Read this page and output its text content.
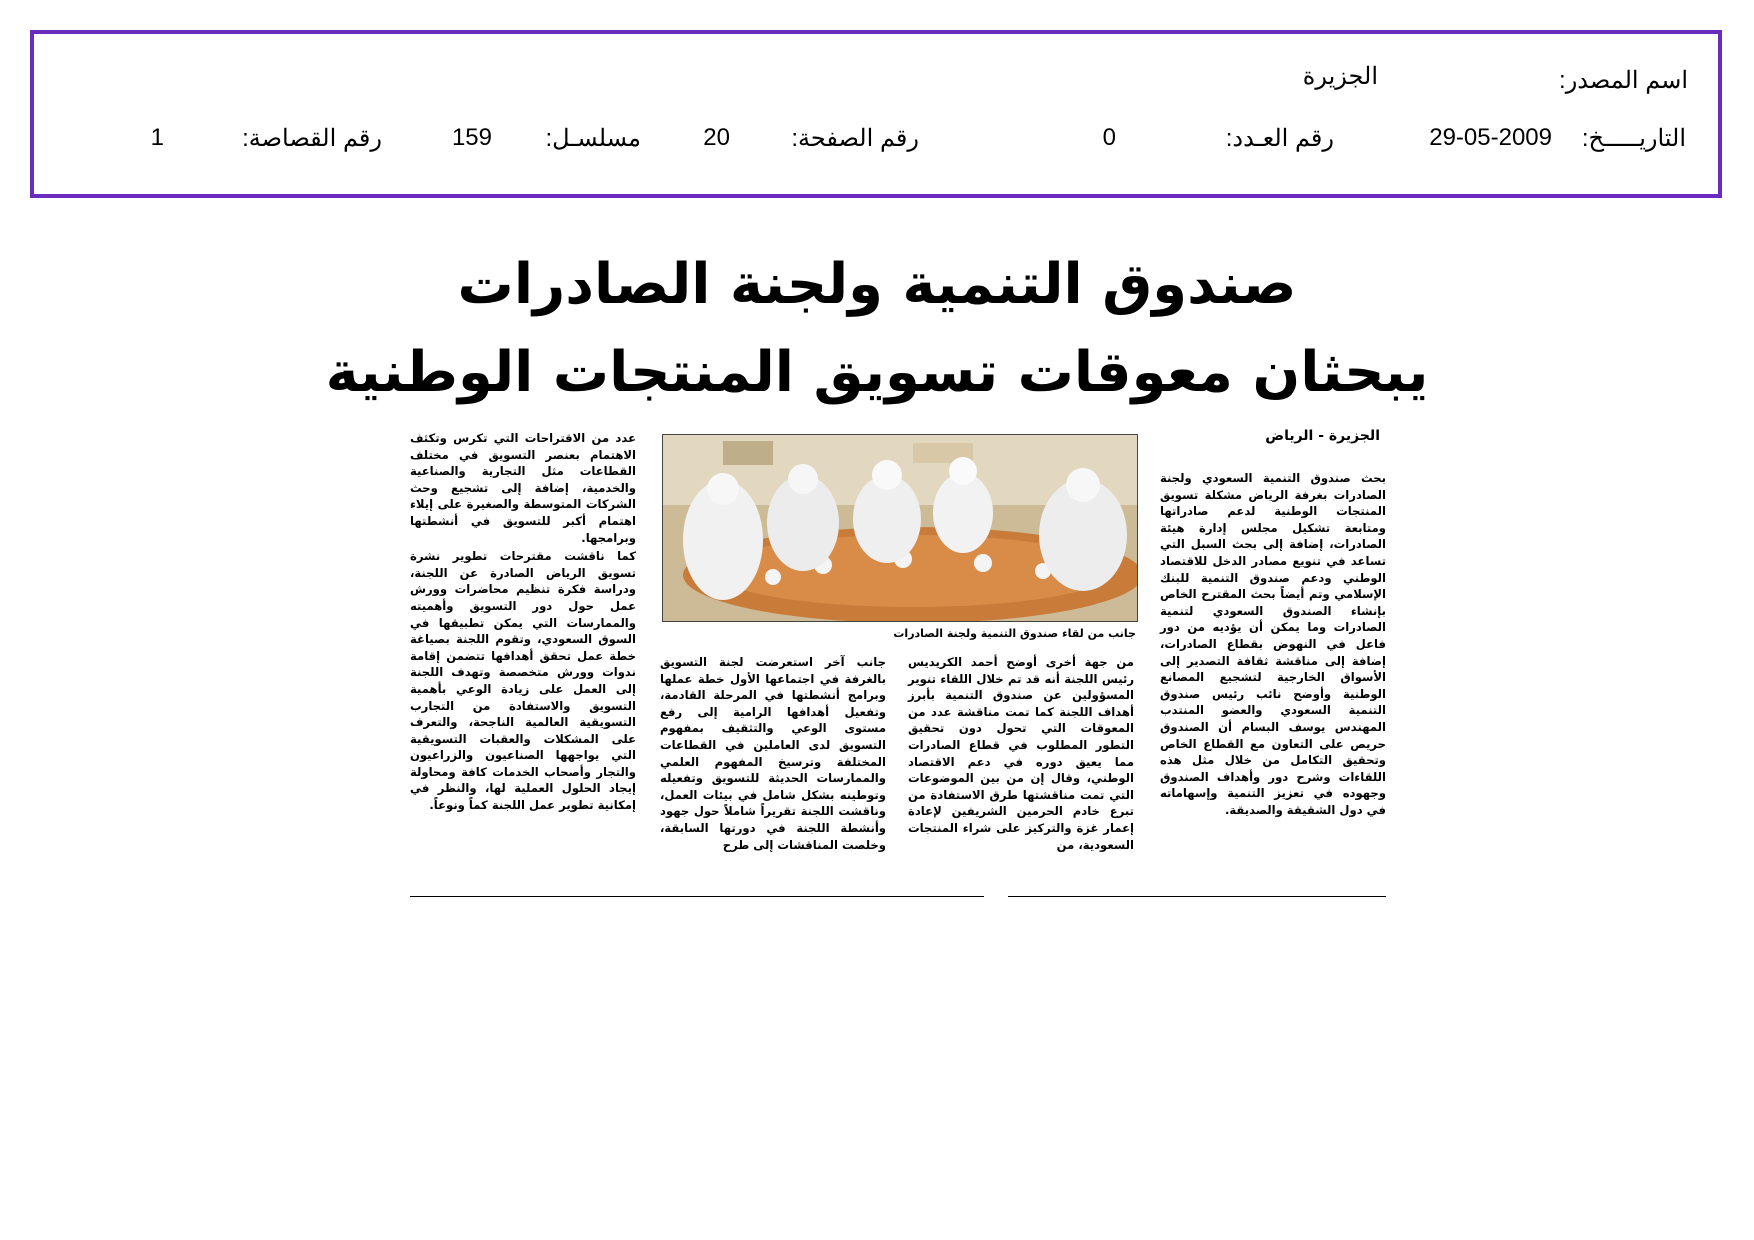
اسم المصدر:
الجزيرة
التاريـــــخ:
29-05-2009
رقم العـدد:
0
رقم الصفحة:
20
مسلسـل:
159
رقم القصاصة:
1
صندوق التنمية ولجنة الصادرات
يبحثان معوقات تسويق المنتجات الوطنية
الجزيرة - الرياض
جانب من لقاء صندوق التنمية ولجنة الصادرات

بحث صندوق التنمية السعودي ولجنة الصادرات بغرفة الرياض مشكلة تسويق المنتجات الوطنية لدعم صادراتها ومتابعة تشكيل مجلس إدارة هيئة الصادرات، إضافة إلى بحث السبل التي تساعد في تنويع مصادر الدخل للاقتصاد الوطني ودعم صندوق التنمية للبنك الإسلامي وتم أيضاً بحث المقترح الخاص بإنشاء الصندوق السعودي لتنمية الصادرات وما يمكن أن يؤديه من دور فاعل في النهوض بقطاع الصادرات، إضافة إلى مناقشة ثقافة التصدير إلى الأسواق الخارجية لتشجيع المصانع الوطنية وأوضح نائب رئيس صندوق التنمية السعودي والعضو المنتدب المهندس يوسف البسام أن الصندوق حريص على التعاون مع القطاع الخاص وتحقيق التكامل من خلال مثل هذه اللقاءات وشرح دور وأهداف الصندوق وجهوده في تعزيز التنمية وإسهاماته في دول الشقيقة والصديقة.

من جهة أخرى أوضح أحمد الكريديس رئيس اللجنة أنه قد تم خلال اللقاء تنوير المسؤولين عن صندوق التنمية بأبرز أهداف اللجنة كما تمت مناقشة عدد من المعوقات التي تحول دون تحقيق التطور المطلوب في قطاع الصادرات مما يعيق دوره في دعم الاقتصاد الوطني، وقال إن من بين الموضوعات التي تمت مناقشتها طرق الاستفادة من تبرع خادم الحرمين الشريفين لإعادة إعمار غزة والتركيز على شراء المنتجات السعودية، من

جانب آخر استعرضت لجنة التسويق بالغرفة في اجتماعها الأول خطة عملها وبرامج أنشطتها في المرحلة القادمة، وتفعيل أهدافها الرامية إلى رفع مستوى الوعي والتثقيف بمفهوم التسويق لدى العاملين في القطاعات المختلفة وترسيخ المفهوم العلمي والممارسات الحديثة للتسويق وتفعيله وتوطينه بشكل شامل في بيئات العمل، وناقشت اللجنة تقريراً شاملاً حول جهود وأنشطة اللجنة في دورتها السابقة، وخلصت المناقشات إلى طرح

عدد من الاقتراحات التي تكرس وتكثف الاهتمام بعنصر التسويق في مختلف القطاعات مثل التجارية والصناعية والخدمية، إضافة إلى تشجيع وحث الشركات المتوسطة والصغيرة على إيلاء اهتمام أكبر للتسويق في أنشطتها وبرامجها.

كما ناقشت مقترحات تطوير نشرة تسويق الرياض الصادرة عن اللجنة، ودراسة فكرة تنظيم محاضرات وورش عمل حول دور التسويق وأهميته والممارسات التي يمكن تطبيقها في السوق السعودي، وتقوم اللجنة بصياغة خطة عمل تحقق أهدافها تتضمن إقامة ندوات وورش متخصصة وتهدف اللجنة إلى العمل على زيادة الوعي بأهمية التسويق والاستفادة من التجارب التسويقية العالمية الناجحة، والتعرف على المشكلات والعقبات التسويقية التي يواجهها الصناعيون والزراعيون والتجار وأصحاب الخدمات كافة ومحاولة إيجاد الحلول العملية لها، والنظر في إمكانية تطوير عمل اللجنة كماً ونوعاً.
